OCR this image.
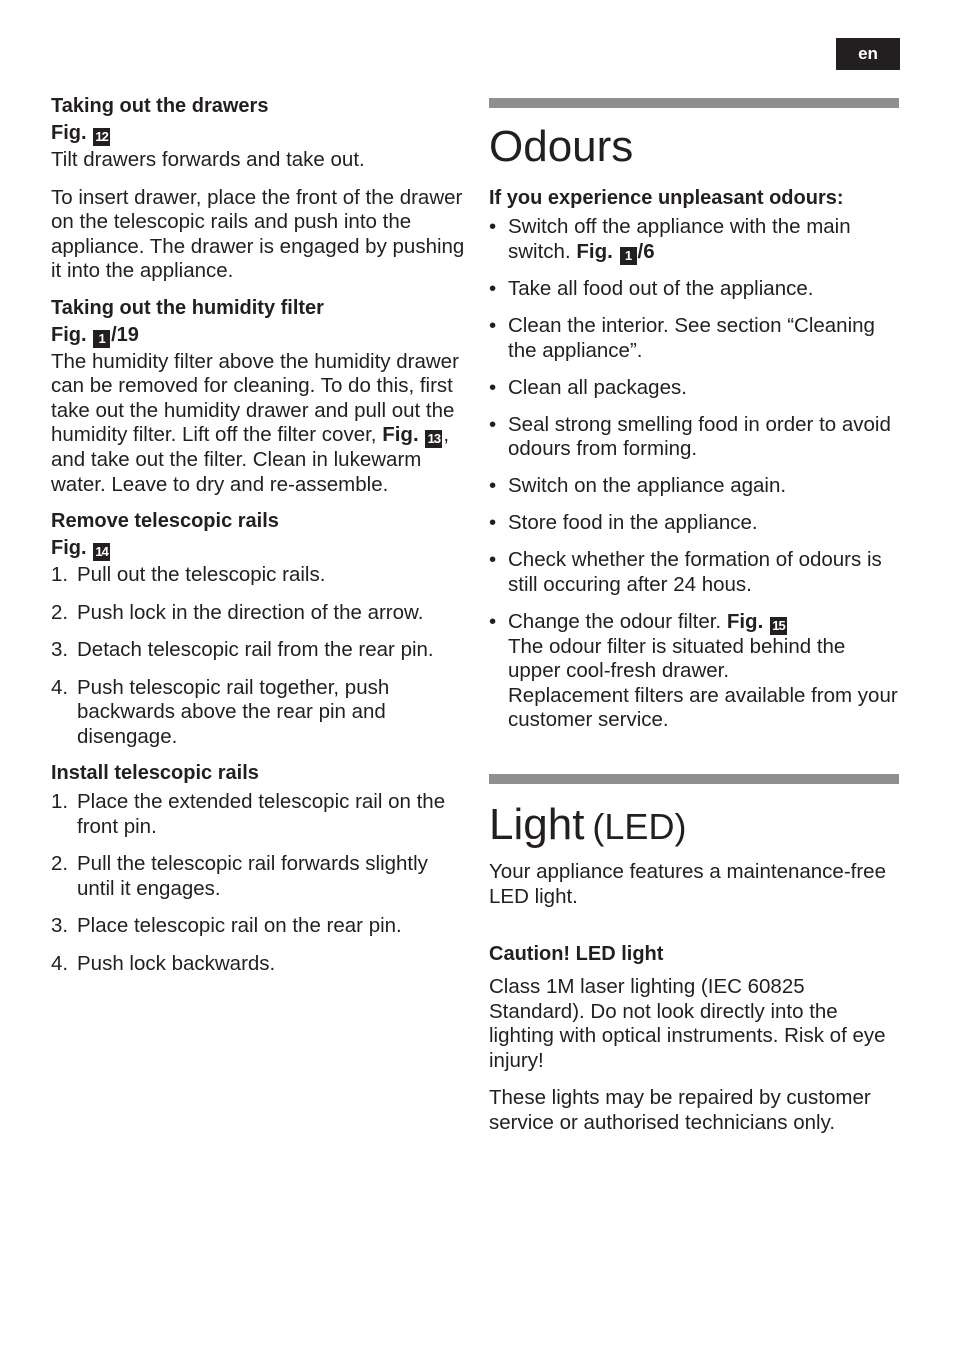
en
Taking out the drawers
Fig. 12

Tilt drawers forwards and take out.

To insert drawer, place the front of the drawer on the telescopic rails and push into the appliance. The drawer is engaged by pushing it into the appliance.

Taking out the humidity filter
Fig. 1 /19

The humidity filter above the humidity drawer can be removed for cleaning. To do this, first take out the humidity drawer and pull out the humidity filter. Lift off the filter cover, Fig. 13 , and take out the filter. Clean in lukewarm water. Leave to dry and re-assemble.

Remove telescopic rails
Fig. 14
1. Pull out the telescopic rails.
2. Push lock in the direction of the arrow.
3. Detach telescopic rail from the rear pin.
4. Push telescopic rail together, push backwards above the rear pin and disengage.
Install telescopic rails
1. Place the extended telescopic rail on the front pin.
2. Pull the telescopic rail forwards slightly until it engages.
3. Place telescopic rail on the rear pin.
4. Push lock backwards.
Odours
If you experience unpleasant odours:
• Switch off the appliance with the main switch. Fig. 1 /6
• Take all food out of the appliance.
• Clean the interior. See section “Cleaning the appliance”.
• Clean all packages.
• Seal strong smelling food in order to avoid odours from forming.
• Switch on the appliance again.
• Store food in the appliance.
• Check whether the formation of odours is still occuring after 24 hous.
• Change the odour filter. Fig. 15
The odour filter is situated behind the upper cool-fresh drawer.
Replacement filters are available from your customer service.
Light (LED)

Your appliance features a maintenance-free LED light.

Caution! LED light

Class 1M laser lighting (IEC 60825 Standard). Do not look directly into the lighting with optical instruments. Risk of eye injury!

These lights may be repaired by customer service or authorised technicians only.
